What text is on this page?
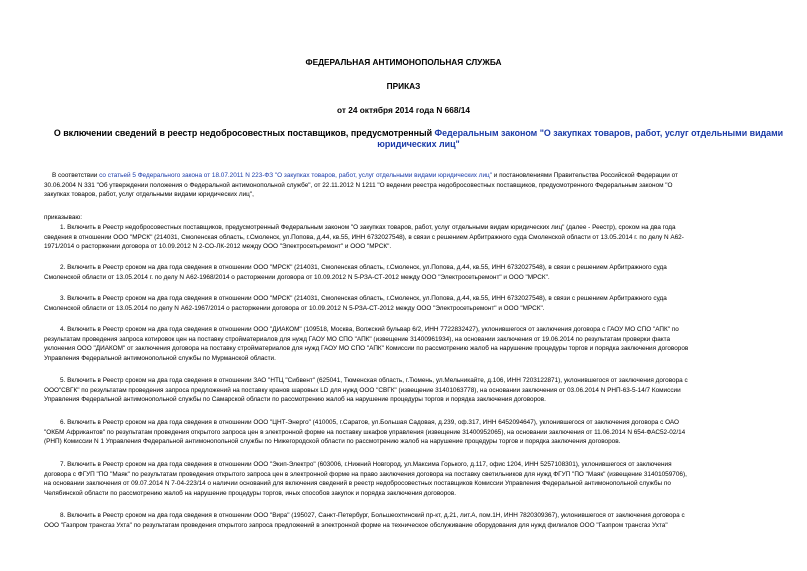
ФЕДЕРАЛЬНАЯ АНТИМОНОПОЛЬНАЯ СЛУЖБА
ПРИКАЗ
от 24 октября 2014 года N 668/14
О включении сведений в реестр недобросовестных поставщиков, предусмотренный Федеральным законом "О закупках товаров, работ, услуг отдельными видами
юридических лиц"
В соответствии со статьей 5 Федерального закона от 18.07.2011 N 223-ФЗ "О закупках товаров, работ, услуг отдельными видами юридических лиц" и постановлениями Правительства Российской Федерации от
30.06.2004 N 331 "Об утверждении положения о Федеральной антимонопольной службе", от 22.11.2012 N 1211 "О ведении реестра недобросовестных поставщиков, предусмотренного Федеральным законом "О
закупках товаров, работ, услуг отдельными видами юридических лиц",
приказываю:
1. Включить в Реестр недобросовестных поставщиков, предусмотренный Федеральным законом "О закупках товаров, работ, услуг отдельными видам юридических лиц" (далее - Реестр), сроком на два года
сведения в отношении ООО "МРСК" (214031, Смоленская область, г.Смоленск, ул.Попова, д.44, кв.55, ИНН 6732027548), в связи с решением Арбитражного суда Смоленской области от 13.05.2014 г. по делу N А62-
1971/2014 о расторжении договора от 10.09.2012 N 2-СО-ЛК-2012 между ООО "Электросетьремонт" и ООО "МРСК".
2. Включить в Реестр сроком на два года сведения в отношении ООО "МРСК" (214031, Смоленская область, г.Смоленск, ул.Попова, д.44, кв.55, ИНН 6732027548), в связи с решением Арбитражного суда
Смоленской области от 13.05.2014 г. по делу N А62-1968/2014 о расторжении договора от 10.09.2012 N 5-РЗА-СТ-2012 между ООО "Электросетьремонт" и ООО "МРСК".
3. Включить в Реестр сроком на два года сведения в отношении ООО "МРСК" (214031, Смоленская область, г.Смоленск, ул.Попова, д.44, кв.55, ИНН 6732027548), в связи с решением Арбитражного суда
Смоленской области от 13.05.2014 по делу N А62-1967/2014 о расторжении договора от 10.09.2012 N 5-РЗА-СТ-2012 между ООО "Электросетьремонт" и ООО "МРСК".
4. Включить в Реестр сроком на два года сведения в отношении ООО "ДИАКОМ" (109518, Москва, Волжский бульвар 6/2, ИНН 7722832427), уклонившегося от заключения договора с ГАОУ МО СПО "АПК" по
результатам проведения запроса котировок цен на поставку стройматериалов для нужд ГАОУ МО СПО "АПК" (извещение 31400961934), на основании заключения от 19.06.2014 по результатам проверки факта
уклонения ООО "ДИАКОМ" от заключения договора на поставку стройматериалов для нужд ГАОУ МО СПО "АПК" Комиссии по рассмотрению жалоб на нарушение процедуры торгов и порядка заключения договоров
Управления Федеральной антимонопольной службы по Мурманской области.
5. Включить в Реестр сроком на два года сведения в отношении ЗАО "НТЦ "Сибвент" (625041, Тюменская область, г.Тюмень, ул.Мельникайте, д.106, ИНН 7203122871), уклонившегося от заключения договора с
ООО"СВГК" по результатам проведения запроса предложений на поставку кранов шаровых LD для нужд ООО "СВГК" (извещение 31401063778), на основании заключения от 03.06.2014 N РНП-63-5-14/7 Комиссии
Управления Федеральной антимонопольной службы по Самарской области по рассмотрению жалоб на нарушение процедуры торгов и порядка заключения договоров.
6. Включить в Реестр сроком на два года сведения в отношении ООО "ЦНТ-Энерго" (410005, г.Саратов, ул.Большая Садовая, д.239, оф.317, ИНН 6452094647), уклонившегося от заключения договора с ОАО
"ОКБМ Африкантов" по результатам проведения открытого запроса цен в электронной форме на поставку шкафов управления (извещение 31400952065), на основании заключения от 11.06.2014 N 654-ФАС52-02/14
(РНП) Комиссии N 1 Управления Федеральной антимонопольной службы по Нижегородской области по рассмотрению жалоб на нарушение процедуры торгов и порядка заключения договоров.
7. Включить в Реестр сроком на два года сведения в отношении ООО "Экип-Электро" (603006, г.Нижний Новгород, ул.Максима Горького, д.117, офис 1204, ИНН 5257108301), уклонившегося от заключения
договора с ФГУП "ПО "Маяк" по результатам проведения открытого запроса цен в электронной форме на право заключения договора на поставку светильников для нужд ФГУП "ПО "Маяк" (извещение 31401059706),
на основании заключения от 09.07.2014 N 7-04-223/14 о наличии оснований для включения сведений в реестр недобросовестных поставщиков Комиссии Управления Федеральной антимонопольной службы по
Челябинской области по рассмотрению жалоб на нарушение процедуры торгов, иных способов закупок и порядка заключения договоров.
8. Включить в Реестр сроком на два года сведения в отношении ООО "Вира" (195027, Санкт-Петербург, Большеохтинский пр-кт, д.21, лит.А, пом.1Н, ИНН 7820309367), уклонившегося от заключения договора с
ООО "Газпром трансгаз Ухта" по результатам проведения открытого запроса предложений в электронной форме на техническое обслуживание оборудования для нужд филиалов ООО "Газпром трансгаз Ухта"
